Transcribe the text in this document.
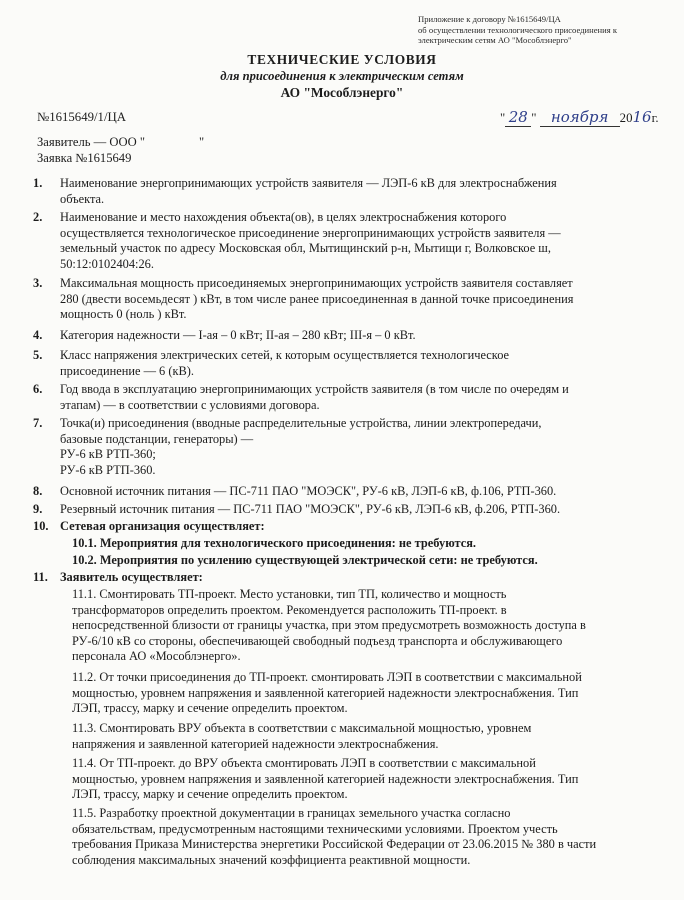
Приложение к договору №1615649/ЦА
об осуществлении технологического присоединения к
электрическим сетям АО "Мособлэнерго"
ТЕХНИЧЕСКИЕ УСЛОВИЯ
для присоединения к электрическим сетям
АО "Мособлэнерго"
№1615649/1/ЦА	" 28 " ноября 2016г.
Заявитель — ООО "	"
Заявка №1615649
1. Наименование энергопринимающих устройств заявителя — ЛЭП-6 кВ для электроснабжения
объекта.
2. Наименование и место нахождения объекта(ов), в целях электроснабжения которого
осуществляется технологическое присоединение энергопринимающих устройств заявителя —
земельный участок по адресу Московская обл, Мытищинский р-н, Мытищи г, Волковское ш,
50:12:0102404:26.
3. Максимальная мощность присоединяемых энергопринимающих устройств заявителя составляет
280 (двести восемьдесят ) кВт, в том числе ранее присоединенная в данной точке присоединения
мощность 0 (ноль ) кВт.
4. Категория надежности — I-ая – 0 кВт; II-ая – 280 кВт; III-я – 0 кВт.
5. Класс напряжения электрических сетей, к которым осуществляется технологическое
присоединение — 6 (кВ).
6. Год ввода в эксплуатацию энергопринимающих устройств заявителя (в том числе по очередям и
этапам) — в соответствии с условиями договора.
7. Точка(и) присоединения (вводные распределительные устройства, линии электропередачи,
базовые подстанции, генераторы) —
РУ-6 кВ РТП-360;
РУ-6 кВ РТП-360.
8. Основной источник питания — ПС-711 ПАО "МОЭСК", РУ-6 кВ, ЛЭП-6 кВ, ф.106, РТП-360.
9. Резервный источник питания — ПС-711 ПАО "МОЭСК", РУ-6 кВ, ЛЭП-6 кВ, ф.206, РТП-360.
10. Сетевая организация осуществляет:
10.1. Мероприятия для технологического присоединения: не требуются.
10.2. Мероприятия по усилению существующей электрической сети: не требуются.
11. Заявитель осуществляет:
11.1. Смонтировать ТП-проект. Место установки, тип ТП, количество и мощность
трансформаторов определить проектом. Рекомендуется расположить ТП-проект. в
непосредственной близости от границы участка, при этом предусмотреть возможность доступа в
РУ-6/10 кВ со стороны, обеспечивающей свободный подъезд транспорта и обслуживающего
персонала АО «Мособлэнерго».
11.2. От точки присоединения до ТП-проект. смонтировать ЛЭП в соответствии с максимальной
мощностью, уровнем напряжения и заявленной категорией надежности электроснабжения. Тип
ЛЭП, трассу, марку и сечение определить проектом.
11.3. Смонтировать ВРУ объекта в соответствии с максимальной мощностью, уровнем
напряжения и заявленной категорией надежности электроснабжения.
11.4. От ТП-проект. до ВРУ объекта смонтировать ЛЭП в соответствии с максимальной
мощностью, уровнем напряжения и заявленной категорией надежности электроснабжения. Тип
ЛЭП, трассу, марку и сечение определить проектом.
11.5. Разработку проектной документации в границах земельного участка согласно
обязательствам, предусмотренным настоящими техническими условиями. Проектом учесть
требования Приказа Министерства энергетики Российской Федерации от 23.06.2015 № 380 в части
соблюдения максимальных значений коэффициента реактивной мощности.
